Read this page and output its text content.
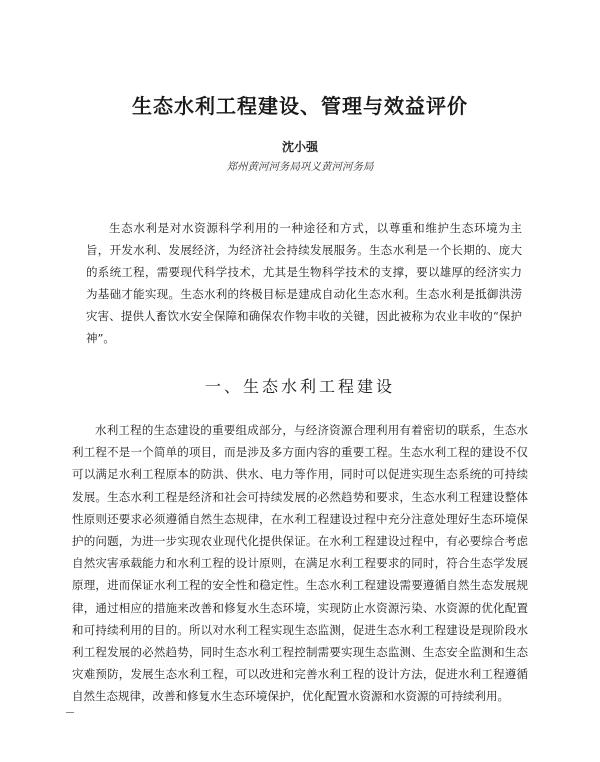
生态水利工程建设、管理与效益评价
沈小强
郑州黄河河务局巩义黄河河务局

生态水利是对水资源科学利用的一种途径和方式，以尊重和维护生态环境为主旨，开发水利、发展经济，为经济社会持续发展服务。生态水利是一个长期的、庞大的系统工程，需要现代科学技术，尤其是生物科学技术的支撑，要以雄厚的经济实力为基础才能实现。生态水利的终极目标是建成自动化生态水利。生态水利是抵御洪涝灾害、提供人畜饮水安全保障和确保农作物丰收的关键，因此被称为农业丰收的“保护神”。

一、生态水利工程建设

水利工程的生态建设的重要组成部分，与经济资源合理利用有着密切的联系，生态水利工程不是一个简单的项目，而是涉及多方面内容的重要工程。生态水利工程的建设不仅可以满足水利工程原本的防洪、供水、电力等作用，同时可以促进实现生态系统的可持续发展。生态水利工程是经济和社会可持续发展的必然趋势和要求，生态水利工程建设整体性原则还要求必须遵循自然生态规律，在水利工程建设过程中充分注意处理好生态环境保护的问题，为进一步实现农业现代化提供保证。在水利工程建设过程中，有必要综合考虑自然灾害承载能力和水利工程的设计原则，在满足水利工程要求的同时，符合生态学发展原理，进而保证水利工程的安全性和稳定性。生态水利工程建设需要遵循自然生态发展规律，通过相应的措施来改善和修复水生态环境，实现防止水资源污染、水资源的优化配置和可持续利用的目的。所以对水利工程实现生态监测，促进生态水利工程建设是现阶段水利工程发展的必然趋势，同时生态水利工程控制需要实现生态监测、生态安全监测和生态灾难预防，发展生态水利工程，可以改进和完善水利工程的设计方法，促进水利工程遵循自然生态规律，改善和修复水生态环境保护，优化配置水资源和水资源的可持续利用。
